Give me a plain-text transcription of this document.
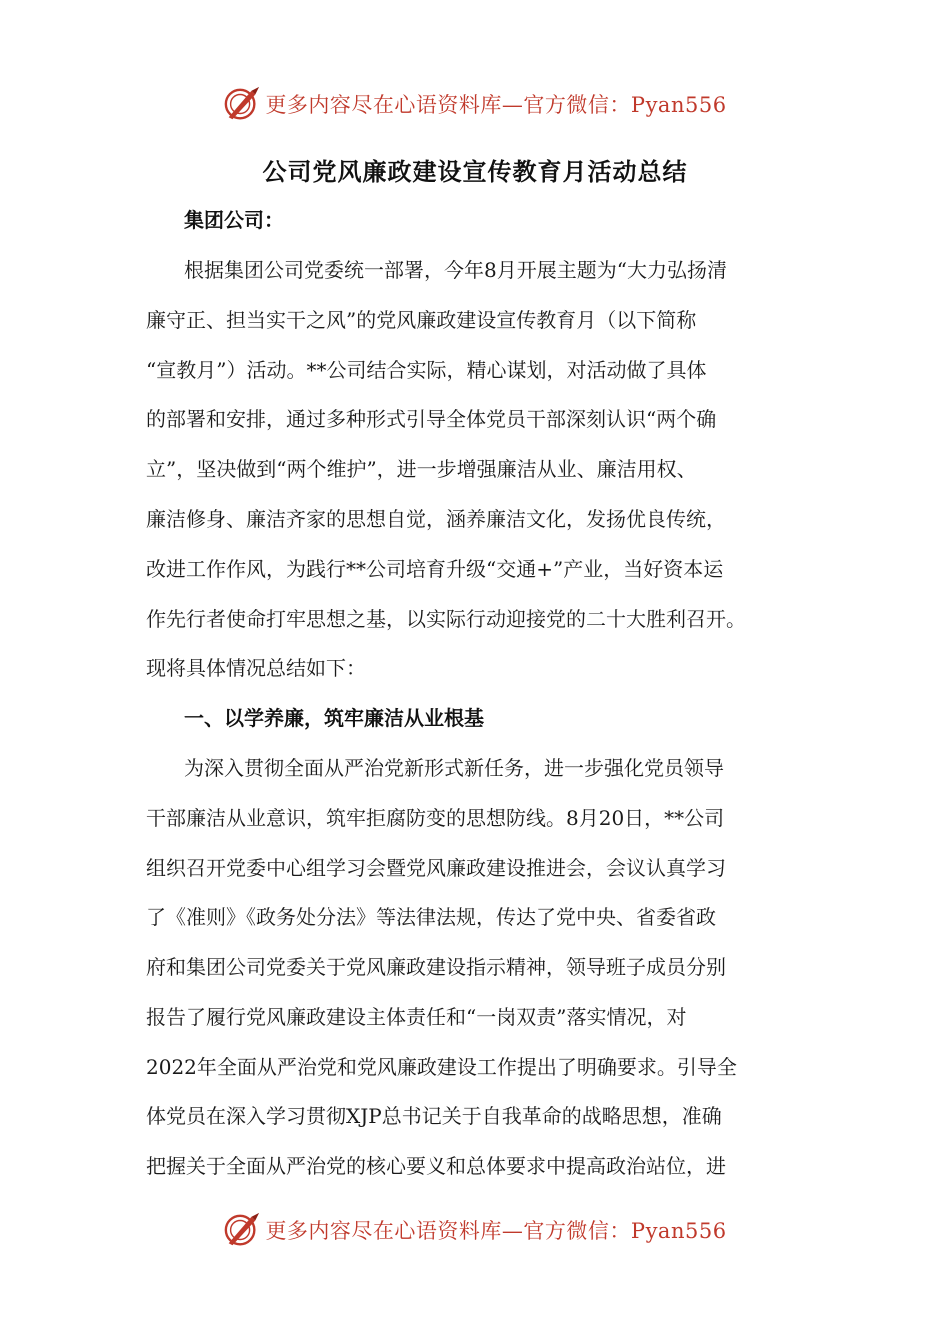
更多内容尽在心语资料库—官方微信：Pyan556
公司党风廉政建设宣传教育月活动总结
集团公司：
根据集团公司党委统一部署，今年8月开展主题为“大力弘扬清
廉守正、担当实干之风”的党风廉政建设宣传教育月（以下简称
“宣教月”）活动。**公司结合实际，精心谋划，对活动做了具体
的部署和安排，通过多种形式引导全体党员干部深刻认识“两个确
立”，坚决做到“两个维护”，进一步增强廉洁从业、廉洁用权、
廉洁修身、廉洁齐家的思想自觉，涵养廉洁文化，发扬优良传统，
改进工作作风，为践行**公司培育升级“交通+”产业，当好资本运
作先行者使命打牢思想之基，以实际行动迎接党的二十大胜利召开。
现将具体情况总结如下：
一、以学养廉，筑牢廉洁从业根基
为深入贯彻全面从严治党新形式新任务，进一步强化党员领导
干部廉洁从业意识，筑牢拒腐防变的思想防线。8月20日，**公司
组织召开党委中心组学习会暨党风廉政建设推进会，会议认真学习
了《准则》《政务处分法》等法律法规，传达了党中央、省委省政
府和集团公司党委关于党风廉政建设指示精神，领导班子成员分别
报告了履行党风廉政建设主体责任和“一岗双责”落实情况，对
2022年全面从严治党和党风廉政建设工作提出了明确要求。引导全
体党员在深入学习贯彻XJP总书记关于自我革命的战略思想，准确
把握关于全面从严治党的核心要义和总体要求中提高政治站位，进
更多内容尽在心语资料库—官方微信：Pyan556
